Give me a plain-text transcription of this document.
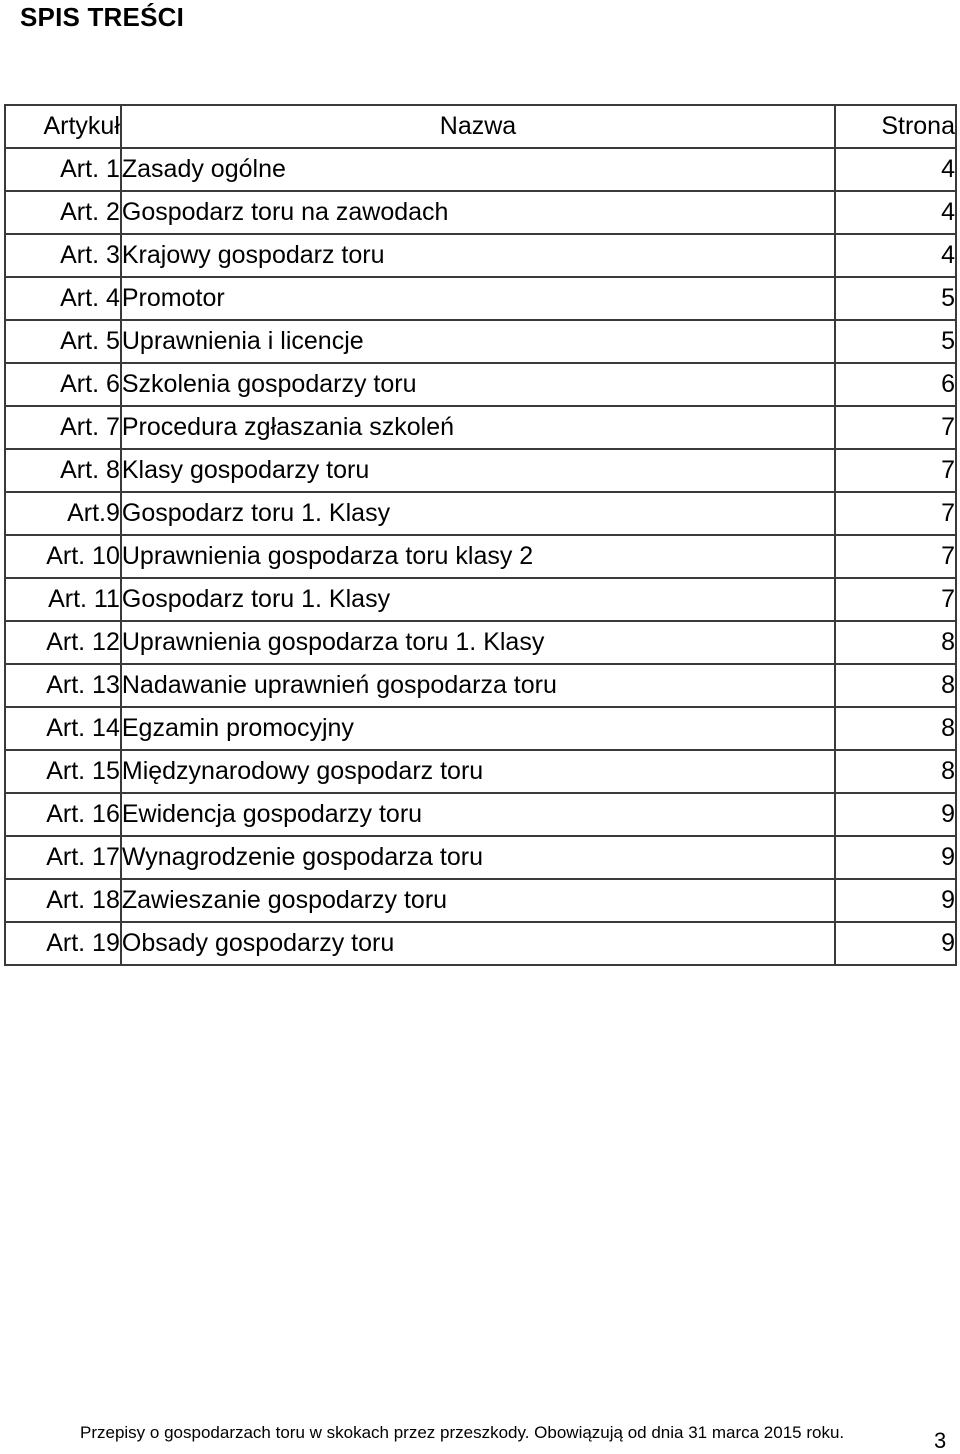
SPIS TREŚCI
Artykuł	Nazwa	Strona
Art. 1	Zasady ogólne	4
Art. 2	Gospodarz toru na zawodach	4
Art. 3	Krajowy gospodarz toru	4
Art. 4	Promotor	5
Art. 5	Uprawnienia i licencje	5
Art. 6	Szkolenia gospodarzy toru	6
Art. 7	Procedura zgłaszania szkoleń	7
Art. 8	Klasy gospodarzy toru	7
Art.9	Gospodarz toru 1. Klasy	7
Art. 10	Uprawnienia gospodarza toru klasy 2	7
Art. 11	Gospodarz toru 1. Klasy	7
Art. 12	Uprawnienia gospodarza toru 1. Klasy	8
Art. 13	Nadawanie uprawnień gospodarza toru	8
Art. 14	Egzamin promocyjny	8
Art. 15	Międzynarodowy gospodarz toru	8
Art. 16	Ewidencja gospodarzy toru	9
Art. 17	Wynagrodzenie gospodarza toru	9
Art. 18	Zawieszanie gospodarzy toru	9
Art. 19	Obsady gospodarzy toru	9
Przepisy o gospodarzach toru w skokach przez przeszkody. Obowiązują od dnia 31 marca 2015 roku.	3
